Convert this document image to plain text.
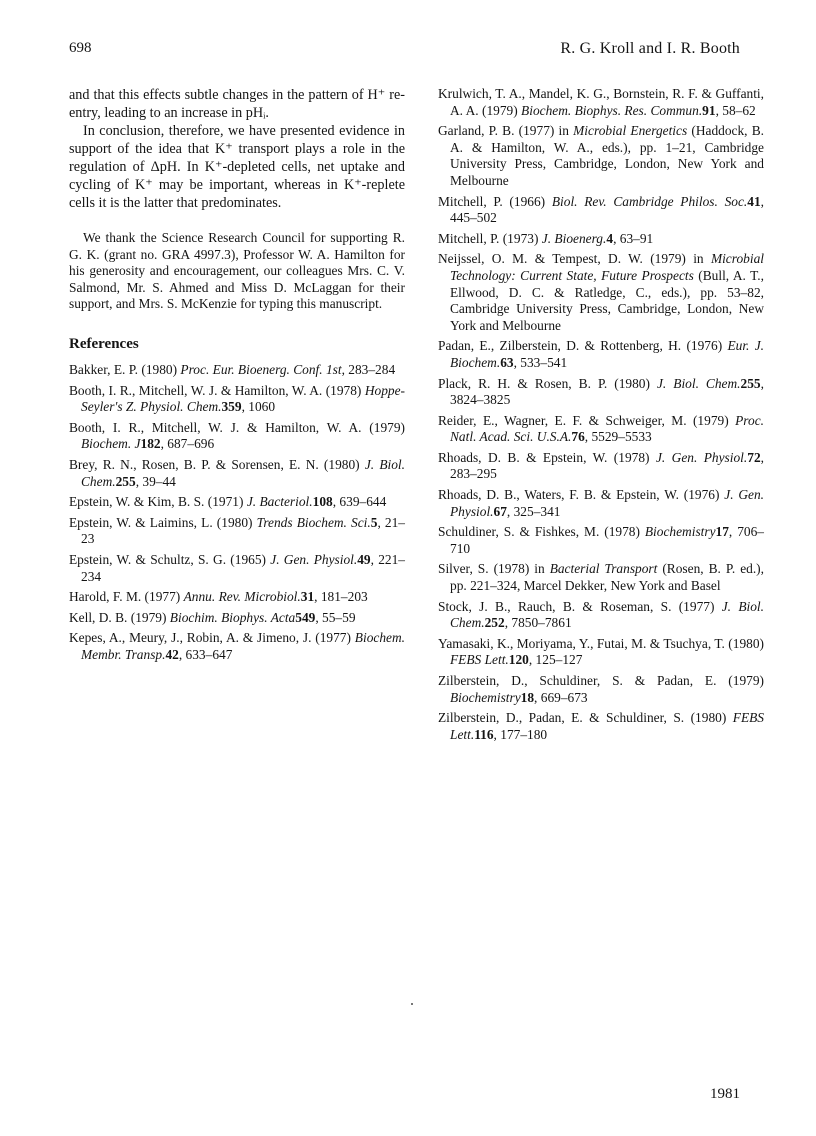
698	R. G. Kroll and I. R. Booth

and that this effects subtle changes in the pattern of H⁺ re-entry, leading to an increase in pHᵢ.

In conclusion, therefore, we have presented evidence in support of the idea that K⁺ transport plays a role in the regulation of ΔpH. In K⁺-depleted cells, net uptake and cycling of K⁺ may be important, whereas in K⁺-replete cells it is the latter that predominates.

We thank the Science Research Council for supporting R. G. K. (grant no. GRA 4997.3), Professor W. A. Hamilton for his generosity and encouragement, our colleagues Mrs. C. V. Salmond, Mr. S. Ahmed and Miss D. McLaggan for their support, and Mrs. S. McKenzie for typing this manuscript.

References

Bakker, E. P. (1980) Proc. Eur. Bioenerg. Conf. 1st, 283–284

Booth, I. R., Mitchell, W. J. & Hamilton, W. A. (1978) Hoppe-Seyler's Z. Physiol. Chem.359, 1060

Booth, I. R., Mitchell, W. J. & Hamilton, W. A. (1979) Biochem. J182, 687–696

Brey, R. N., Rosen, B. P. & Sorensen, E. N. (1980) J. Biol. Chem.255, 39–44

Epstein, W. & Kim, B. S. (1971) J. Bacteriol.108, 639–644

Epstein, W. & Laimins, L. (1980) Trends Biochem. Sci.5, 21–23

Epstein, W. & Schultz, S. G. (1965) J. Gen. Physiol.49, 221–234

Harold, F. M. (1977) Annu. Rev. Microbiol.31, 181–203

Kell, D. B. (1979) Biochim. Biophys. Acta549, 55–59

Kepes, A., Meury, J., Robin, A. & Jimeno, J. (1977) Biochem. Membr. Transp.42, 633–647

Krulwich, T. A., Mandel, K. G., Bornstein, R. F. & Guffanti, A. A. (1979) Biochem. Biophys. Res. Commun.91, 58–62

Garland, P. B. (1977) in Microbial Energetics (Haddock, B. A. & Hamilton, W. A., eds.), pp. 1–21, Cambridge University Press, Cambridge, London, New York and Melbourne

Mitchell, P. (1966) Biol. Rev. Cambridge Philos. Soc.41, 445–502

Mitchell, P. (1973) J. Bioenerg.4, 63–91

Neijssel, O. M. & Tempest, D. W. (1979) in Microbial Technology: Current State, Future Prospects (Bull, A. T., Ellwood, D. C. & Ratledge, C., eds.), pp. 53–82, Cambridge University Press, Cambridge, London, New York and Melbourne

Padan, E., Zilberstein, D. & Rottenberg, H. (1976) Eur. J. Biochem.63, 533–541

Plack, R. H. & Rosen, B. P. (1980) J. Biol. Chem.255, 3824–3825

Reider, E., Wagner, E. F. & Schweiger, M. (1979) Proc. Natl. Acad. Sci. U.S.A.76, 5529–5533

Rhoads, D. B. & Epstein, W. (1978) J. Gen. Physiol.72, 283–295

Rhoads, D. B., Waters, F. B. & Epstein, W. (1976) J. Gen. Physiol.67, 325–341

Schuldiner, S. & Fishkes, M. (1978) Biochemistry17, 706–710

Silver, S. (1978) in Bacterial Transport (Rosen, B. P. ed.), pp. 221–324, Marcel Dekker, New York and Basel

Stock, J. B., Rauch, B. & Roseman, S. (1977) J. Biol. Chem.252, 7850–7861

Yamasaki, K., Moriyama, Y., Futai, M. & Tsuchya, T. (1980) FEBS Lett.120, 125–127

Zilberstein, D., Schuldiner, S. & Padan, E. (1979) Biochemistry18, 669–673

Zilberstein, D., Padan, E. & Schuldiner, S. (1980) FEBS Lett.116, 177–180

1981
